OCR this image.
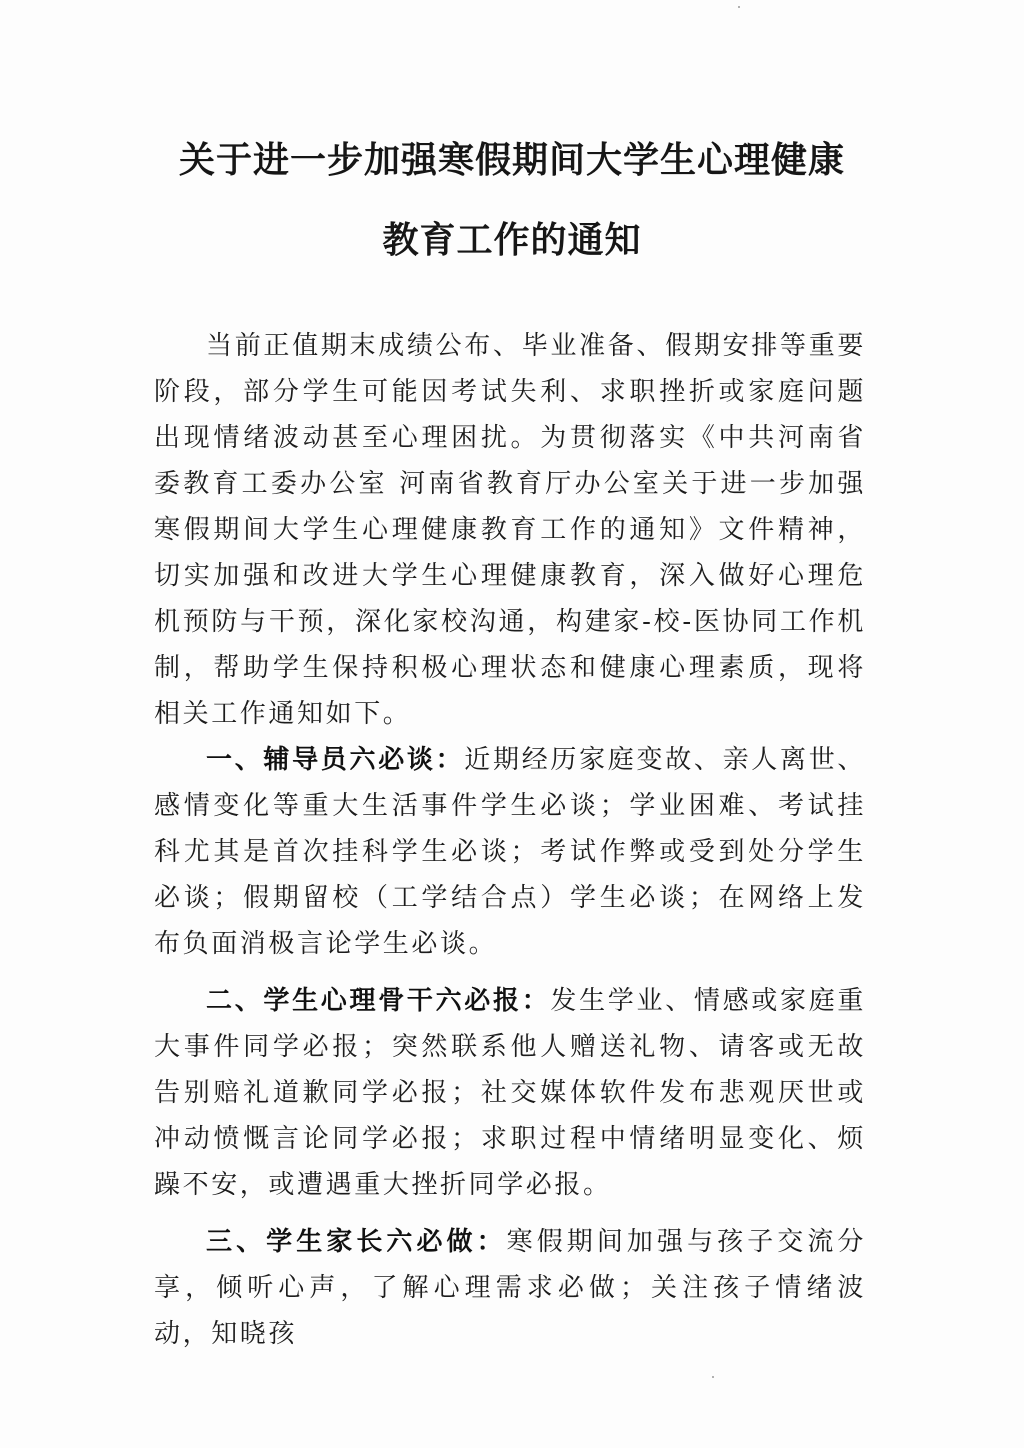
关于进一步加强寒假期间大学生心理健康
教育工作的通知

当前正值期末成绩公布、毕业准备、假期安排等重要阶段，部分学生可能因考试失利、求职挫折或家庭问题出现情绪波动甚至心理困扰。为贯彻落实《中共河南省委教育工委办公室 河南省教育厅办公室关于进一步加强寒假期间大学生心理健康教育工作的通知》文件精神，切实加强和改进大学生心理健康教育，深入做好心理危机预防与干预，深化家校沟通，构建家-校-医协同工作机制，帮助学生保持积极心理状态和健康心理素质，现将相关工作通知如下。

一、辅导员六必谈：近期经历家庭变故、亲人离世、感情变化等重大生活事件学生必谈；学业困难、考试挂科尤其是首次挂科学生必谈；考试作弊或受到处分学生必谈；假期留校（工学结合点）学生必谈；在网络上发布负面消极言论学生必谈。

二、学生心理骨干六必报：发生学业、情感或家庭重大事件同学必报；突然联系他人赠送礼物、请客或无故告别赔礼道歉同学必报；社交媒体软件发布悲观厌世或冲动愤慨言论同学必报；求职过程中情绪明显变化、烦躁不安，或遭遇重大挫折同学必报。

三、学生家长六必做：寒假期间加强与孩子交流分享，倾听心声，了解心理需求必做；关注孩子情绪波动，知晓孩
